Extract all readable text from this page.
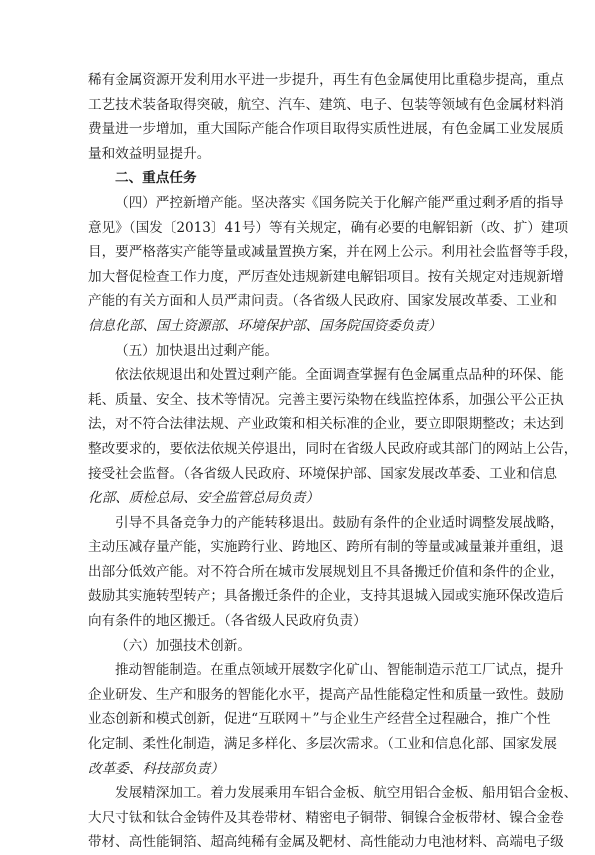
稀有金属资源开发利用水平进一步提升，再生有色金属使用比重稳步提高，重点
工艺技术装备取得突破，航空、汽车、建筑、电子、包装等领域有色金属材料消
费量进一步增加，重大国际产能合作项目取得实质性进展，有色金属工业发展质
量和效益明显提升。
二、重点任务
（四）严控新增产能。坚决落实《国务院关于化解产能严重过剩矛盾的指导
意见》（国发〔2013〕41号）等有关规定，确有必要的电解铝新（改、扩）建项
目，要严格落实产能等量或减量置换方案，并在网上公示。利用社会监督等手段，
加大督促检查工作力度，严厉查处违规新建电解铝项目。按有关规定对违规新增
产能的有关方面和人员严肃问责。（各省级人民政府、国家发展改革委、工业和
信息化部、国土资源部、环境保护部、国务院国资委负责）
（五）加快退出过剩产能。
依法依规退出和处置过剩产能。全面调查掌握有色金属重点品种的环保、能
耗、质量、安全、技术等情况。完善主要污染物在线监控体系，加强公平公正执
法，对不符合法律法规、产业政策和相关标准的企业，要立即限期整改；未达到
整改要求的，要依法依规关停退出，同时在省级人民政府或其部门的网站上公告，
接受社会监督。（各省级人民政府、环境保护部、国家发展改革委、工业和信息
化部、质检总局、安全监管总局负责）
引导不具备竞争力的产能转移退出。鼓励有条件的企业适时调整发展战略，
主动压减存量产能，实施跨行业、跨地区、跨所有制的等量或减量兼并重组，退
出部分低效产能。对不符合所在城市发展规划且不具备搬迁价值和条件的企业，
鼓励其实施转型转产；具备搬迁条件的企业，支持其退城入园或实施环保改造后
向有条件的地区搬迁。（各省级人民政府负责）
（六）加强技术创新。
推动智能制造。在重点领域开展数字化矿山、智能制造示范工厂试点，提升
企业研发、生产和服务的智能化水平，提高产品性能稳定性和质量一致性。鼓励
业态创新和模式创新，促进“互联网＋”与企业生产经营全过程融合，推广个性
化定制、柔性化制造，满足多样化、多层次需求。（工业和信息化部、国家发展
改革委、科技部负责）
发展精深加工。着力发展乘用车铝合金板、航空用铝合金板、船用铝合金板、
大尺寸钛和钛合金铸件及其卷带材、精密电子铜带、铜镍合金板带材、镍合金卷
带材、高性能铜箔、超高纯稀有金属及靶材、高性能动力电池材料、高端电子级
